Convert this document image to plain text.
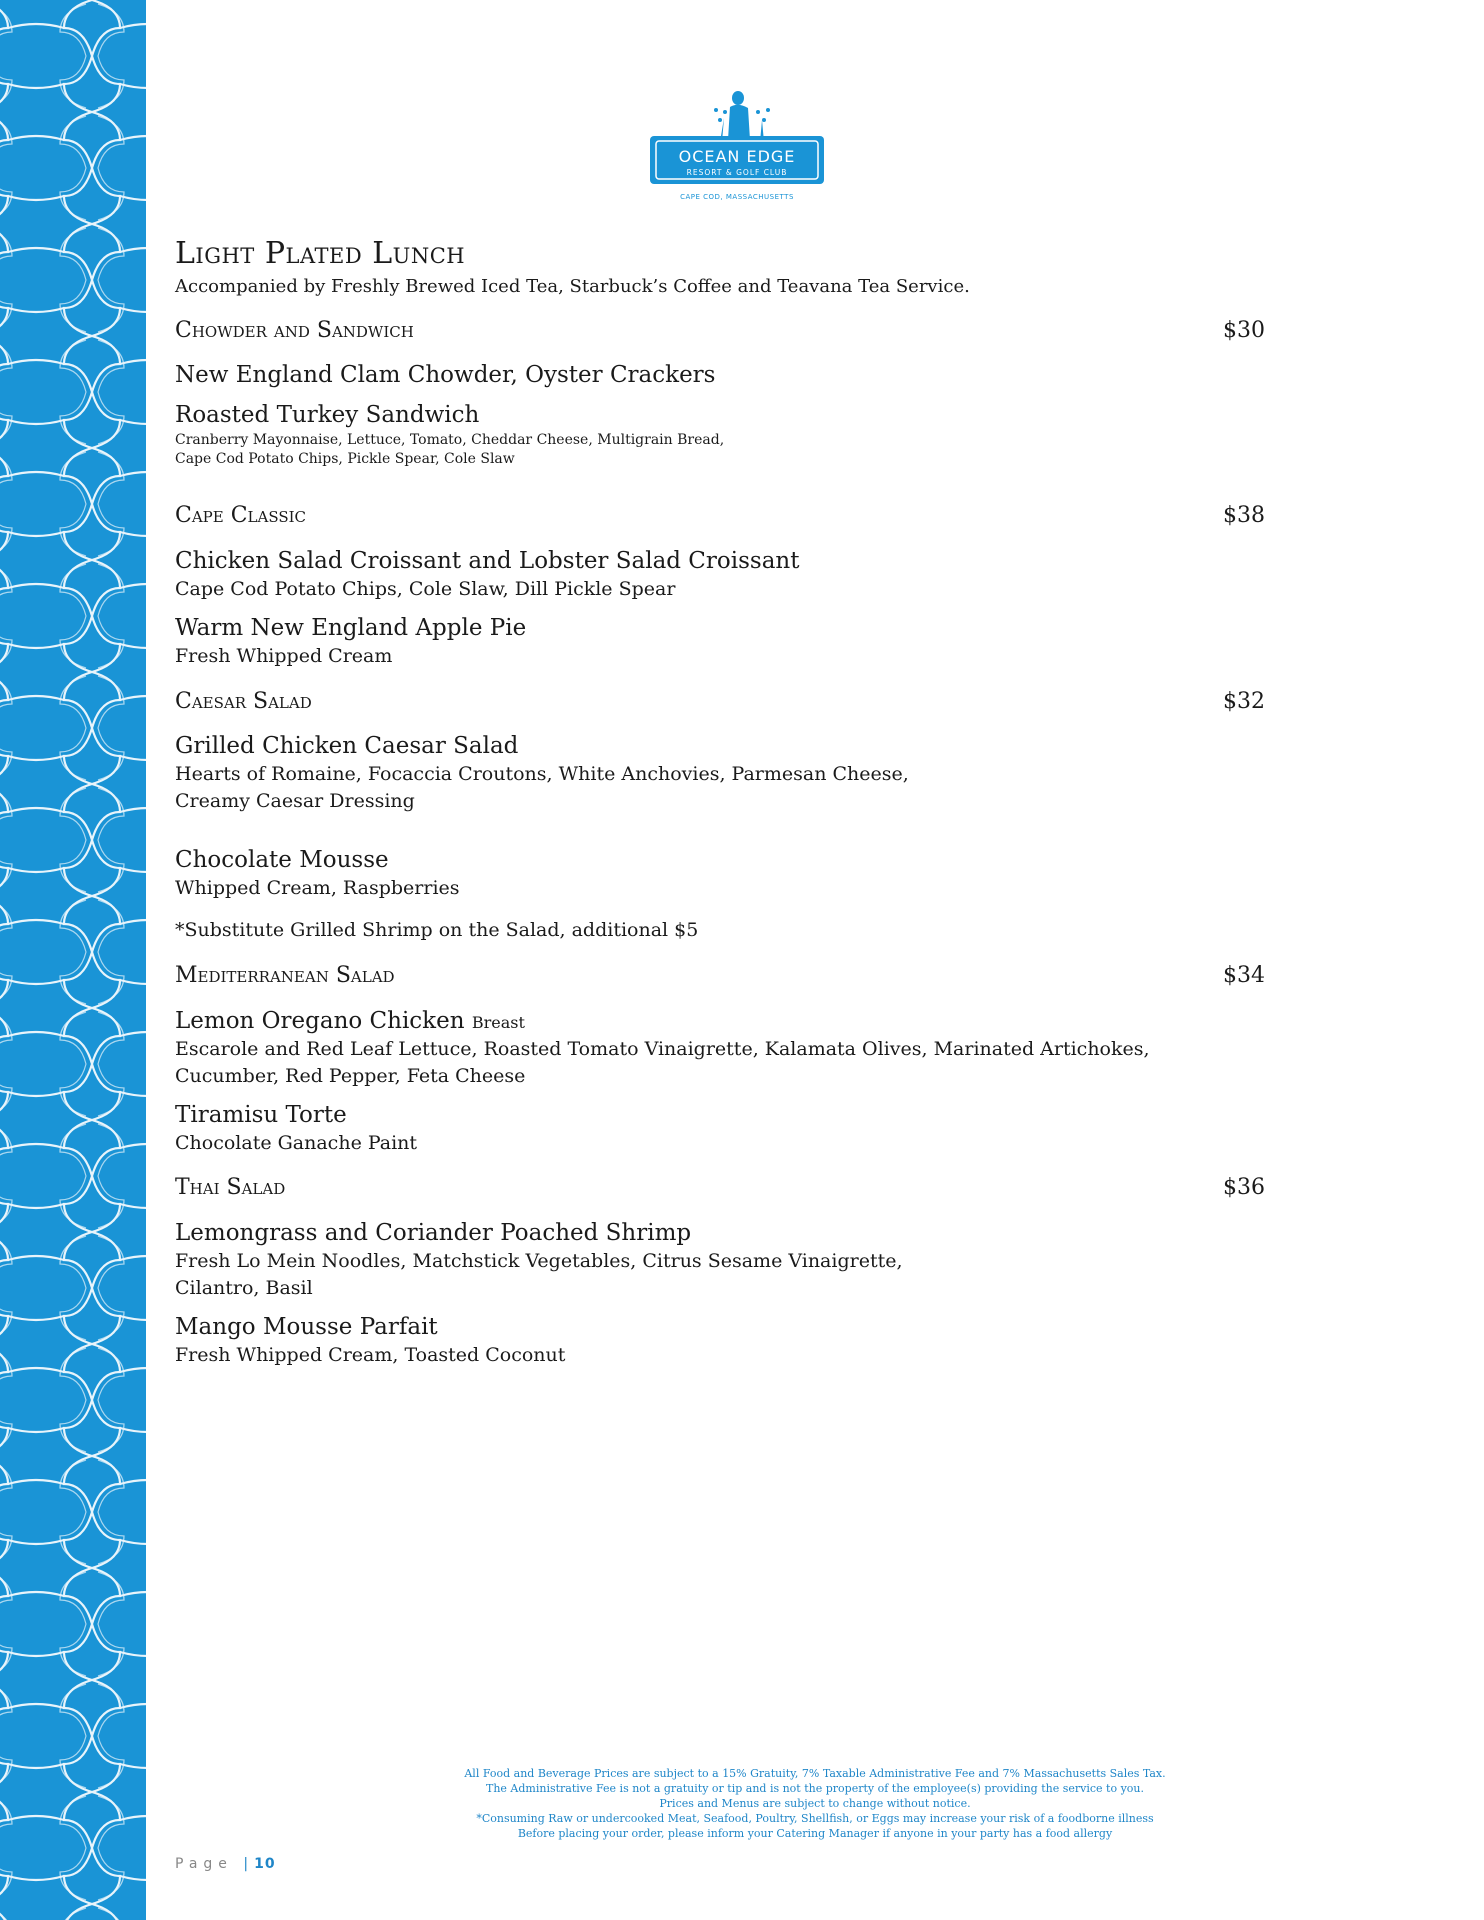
OCEAN EDGE
RESORT & GOLF CLUB
CAPE COD, MASSACHUSETTS
Light Plated Lunch
Accompanied by Freshly Brewed Iced Tea, Starbuck’s Coffee and Teavana Tea Service.
Chowder and Sandwich	$30
New England Clam Chowder, Oyster Crackers
Roasted Turkey Sandwich
Cranberry Mayonnaise, Lettuce, Tomato, Cheddar Cheese, Multigrain Bread,
Cape Cod Potato Chips, Pickle Spear, Cole Slaw
Cape Classic	$38
Chicken Salad Croissant and Lobster Salad Croissant
Cape Cod Potato Chips, Cole Slaw, Dill Pickle Spear
Warm New England Apple Pie
Fresh Whipped Cream
Caesar Salad	$32
Grilled Chicken Caesar Salad
Hearts of Romaine, Focaccia Croutons, White Anchovies, Parmesan Cheese,
Creamy Caesar Dressing
Chocolate Mousse
Whipped Cream, Raspberries
*Substitute Grilled Shrimp on the Salad, additional $5
Mediterranean Salad	$34
Lemon Oregano Chicken Breast
Escarole and Red Leaf Lettuce, Roasted Tomato Vinaigrette, Kalamata Olives, Marinated Artichokes,
Cucumber, Red Pepper, Feta Cheese
Tiramisu Torte
Chocolate Ganache Paint
Thai Salad	$36
Lemongrass and Coriander Poached Shrimp
Fresh Lo Mein Noodles, Matchstick Vegetables, Citrus Sesame Vinaigrette,
Cilantro, Basil
Mango Mousse Parfait
Fresh Whipped Cream, Toasted Coconut
All Food and Beverage Prices are subject to a 15% Gratuity, 7% Taxable Administrative Fee and 7% Massachusetts Sales Tax.
The Administrative Fee is not a gratuity or tip and is not the property of the employee(s) providing the service to you.
Prices and Menus are subject to change without notice.
*Consuming Raw or undercooked Meat, Seafood, Poultry, Shellfish, or Eggs may increase your risk of a foodborne illness
Before placing your order, please inform your Catering Manager if anyone in your party has a food allergy
Page | 10
